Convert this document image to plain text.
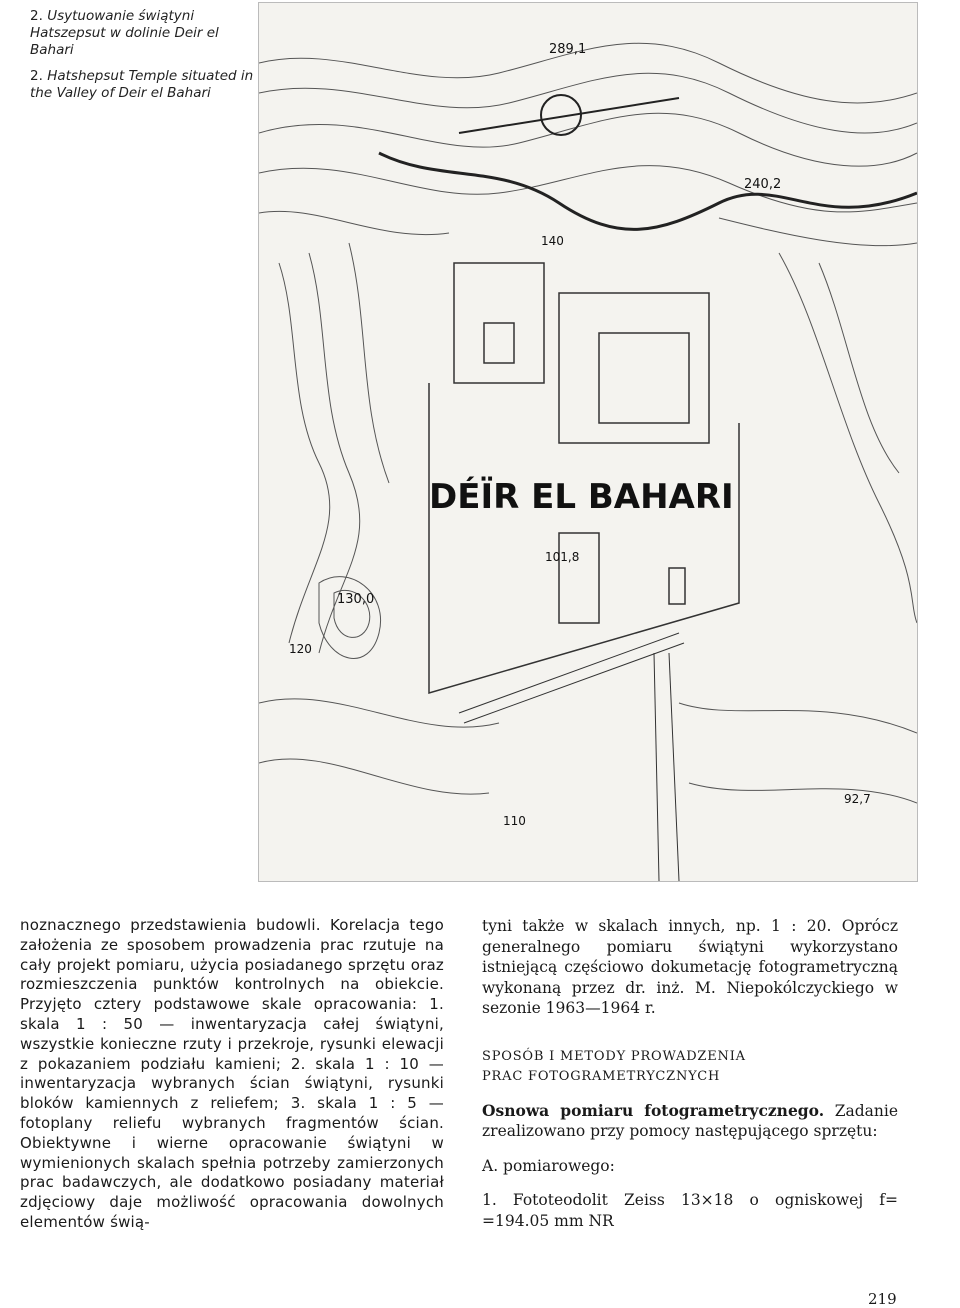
2. Usytuowanie świątyni Hatszepsut w dolinie Deir el Bahari
2. Hatshepsut Temple situated in the Valley of Deir el Bahari
DÉÏR EL BAHARI
289,1
240,2
140
101,8
130,0
120
92,7
110
noznacznego przedstawienia budowli. Korelacja tego założenia ze sposobem prowadzenia prac rzutuje na cały projekt pomiaru, użycia posiadanego sprzętu oraz rozmieszczenia punktów kontrolnych na obiekcie. Przyjęto cztery podstawowe skale opracowania: 1. skala 1 : 50 — inwentaryzacja całej świątyni, wszystkie konieczne rzuty i przekroje, rysunki elewacji z pokazaniem podziału kamieni; 2. skala 1 : 10 — inwentaryzacja wybranych ścian świątyni, rysunki bloków kamiennych z reliefem; 3. skala 1 : 5 — fotoplany reliefu wybranych fragmentów ścian. Obiektywne i wierne opracowanie świątyni w wymienionych skalach spełnia potrzeby zamierzonych prac badawczych, ale dodatkowo posiadany materiał zdjęciowy daje możliwość opracowania dowolnych elementów świą-
tyni także w skalach innych, np. 1 : 20. Oprócz generalnego pomiaru świątyni wykorzystano istniejącą częściowo dokumetację fotogrametryczną wykonaną przez dr. inż. M. Niepokólczyckiego w sezonie 1963—1964 r.
SPOSÓB I METODY PROWADZENIA
PRAC FOTOGRAMETRYCZNYCH
Osnowa pomiaru fotogrametrycznego. Zadanie zrealizowano przy pomocy następującego sprzętu:
A. pomiarowego:
1. Fototeodolit Zeiss 13×18 o ogniskowej f= =194.05 mm NR
219
